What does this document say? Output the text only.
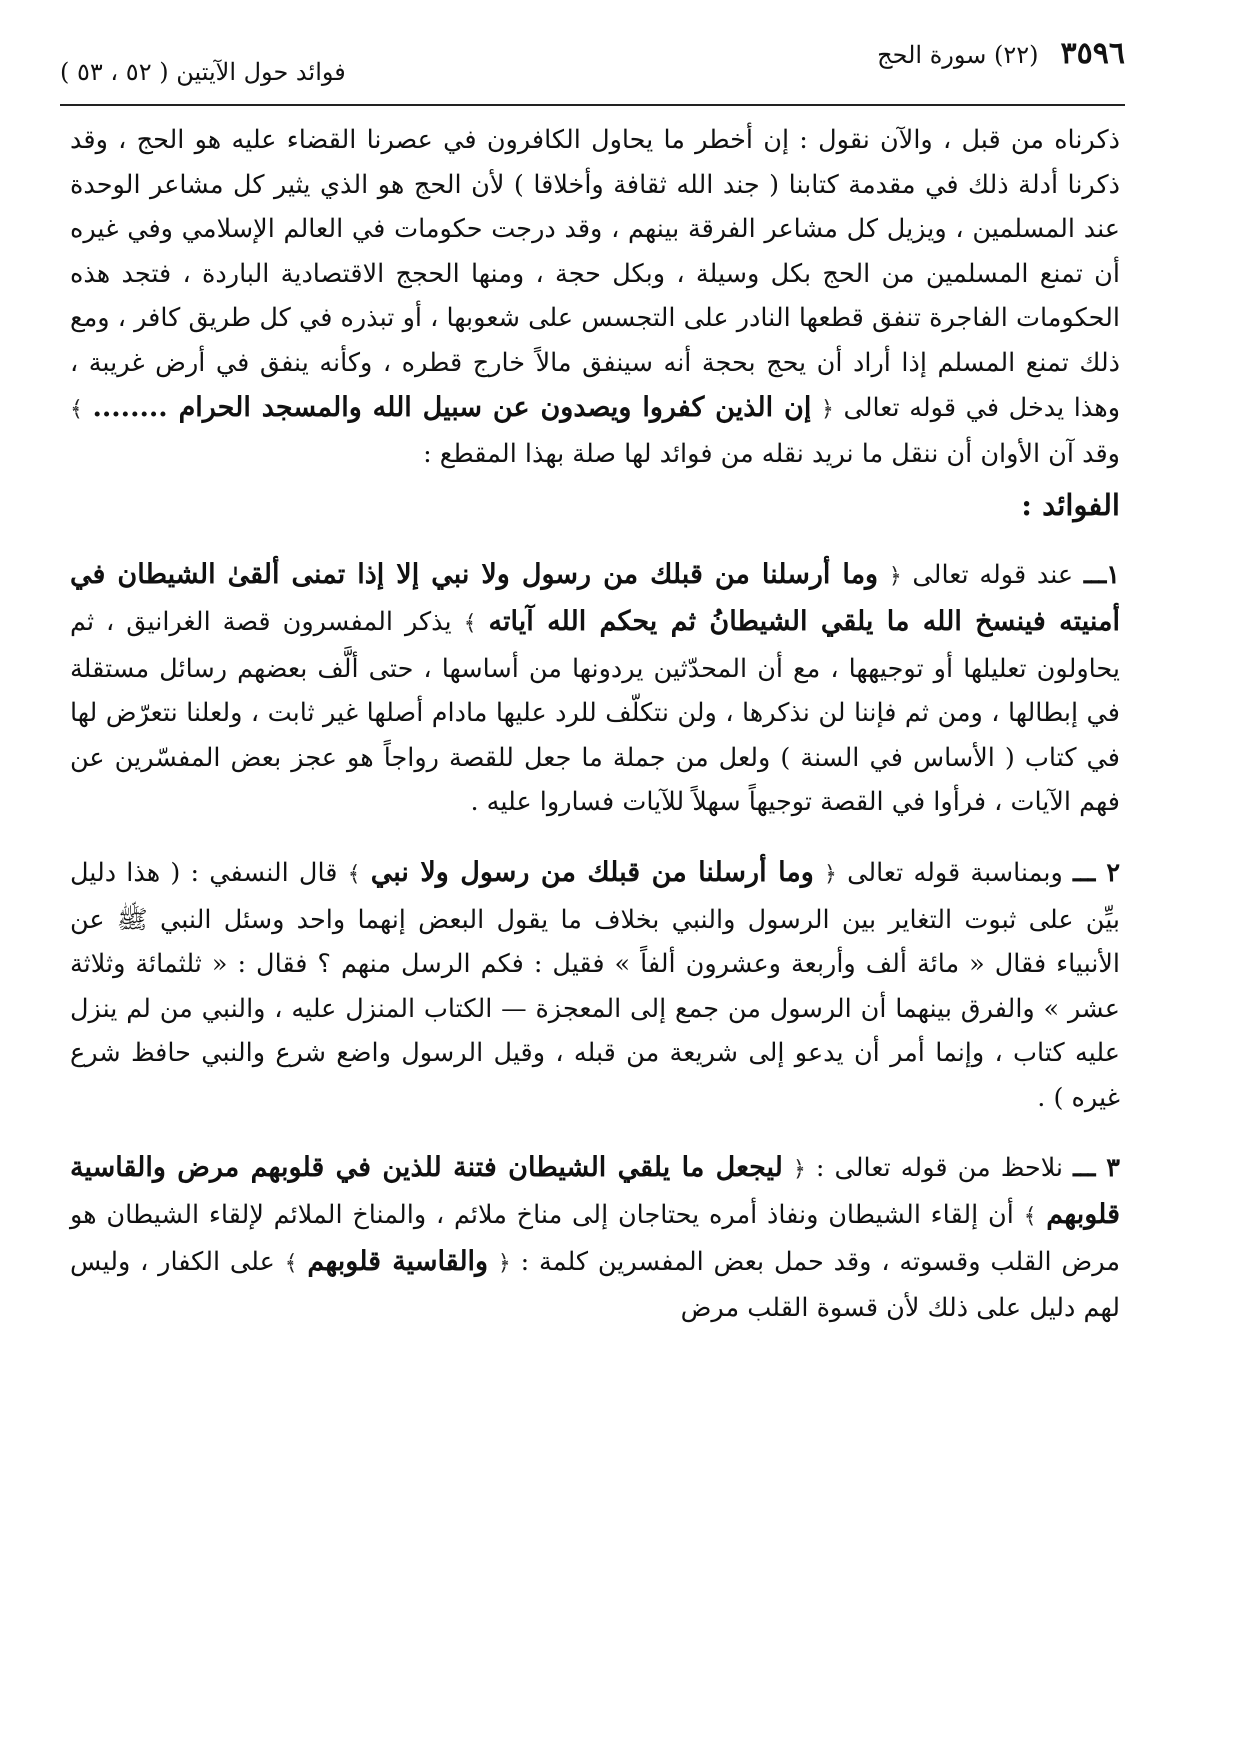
٣٥٩٦
(٢٢) سورة الحج
فوائد حول الآيتين ( ٥٢ ، ٥٣ )

ذكرناه من قبل ، والآن نقول : إن أخطر ما يحاول الكافرون في عصرنا القضاء عليه هو الحج ، وقد ذكرنا أدلة ذلك في مقدمة كتابنا ( جند الله ثقافة وأخلاقا ) لأن الحج هو الذي يثير كل مشاعر الوحدة عند المسلمين ، ويزيل كل مشاعر الفرقة بينهم ، وقد درجت حكومات في العالم الإسلامي وفي غيره أن تمنع المسلمين من الحج بكل وسيلة ، وبكل حجة ، ومنها الحجج الاقتصادية الباردة ، فتجد هذه الحكومات الفاجرة تنفق قطعها النادر على التجسس على شعوبها ، أو تبذره في كل طريق كافر ، ومع ذلك تمنع المسلم إذا أراد أن يحج بحجة أنه سينفق مالاً خارج قطره ، وكأنه ينفق في أرض غريبة ، وهذا يدخل في قوله تعالى ﴿ إن الذين كفروا ويصدون عن سبيل الله والمسجد الحرام ........ ﴾ وقد آن الأوان أن ننقل ما نريد نقله من فوائد لها صلة بهذا المقطع :

الفوائد :

١ـــ عند قوله تعالى ﴿ وما أرسلنا من قبلك من رسول ولا نبي إلا إذا تمنى ألقىٰ الشيطان في أمنيته فينسخ الله ما يلقي الشيطانُ ثم يحكم الله آياته ﴾ يذكر المفسرون قصة الغرانيق ، ثم يحاولون تعليلها أو توجيهها ، مع أن المحدّثين يردونها من أساسها ، حتى ألَّف بعضهم رسائل مستقلة في إبطالها ، ومن ثم فإننا لن نذكرها ، ولن نتكلّف للرد عليها مادام أصلها غير ثابت ، ولعلنا نتعرّض لها في كتاب ( الأساس في السنة ) ولعل من جملة ما جعل للقصة رواجاً هو عجز بعض المفسّرين عن فهم الآيات ، فرأوا في القصة توجيهاً سهلاً للآيات فساروا عليه .

٢ ـــ وبمناسبة قوله تعالى ﴿ وما أرسلنا من قبلك من رسول ولا نبي ﴾ قال النسفي : ( هذا دليل بيِّن على ثبوت التغاير بين الرسول والنبي بخلاف ما يقول البعض إنهما واحد وسئل النبي ﷺ عن الأنبياء فقال « مائة ألف وأربعة وعشرون ألفاً » فقيل : فكم الرسل منهم ؟ فقال : « ثلثمائة وثلاثة عشر » والفرق بينهما أن الرسول من جمع إلى المعجزة — الكتاب المنزل عليه ، والنبي من لم ينزل عليه كتاب ، وإنما أمر أن يدعو إلى شريعة من قبله ، وقيل الرسول واضع شرع والنبي حافظ شرع غيره ) .

٣ ـــ نلاحظ من قوله تعالى : ﴿ ليجعل ما يلقي الشيطان فتنة للذين في قلوبهم مرض والقاسية قلوبهم ﴾ أن إلقاء الشيطان ونفاذ أمره يحتاجان إلى مناخ ملائم ، والمناخ الملائم لإلقاء الشيطان هو مرض القلب وقسوته ، وقد حمل بعض المفسرين كلمة : ﴿ والقاسية قلوبهم ﴾ على الكفار ، وليس لهم دليل على ذلك لأن قسوة القلب مرض
